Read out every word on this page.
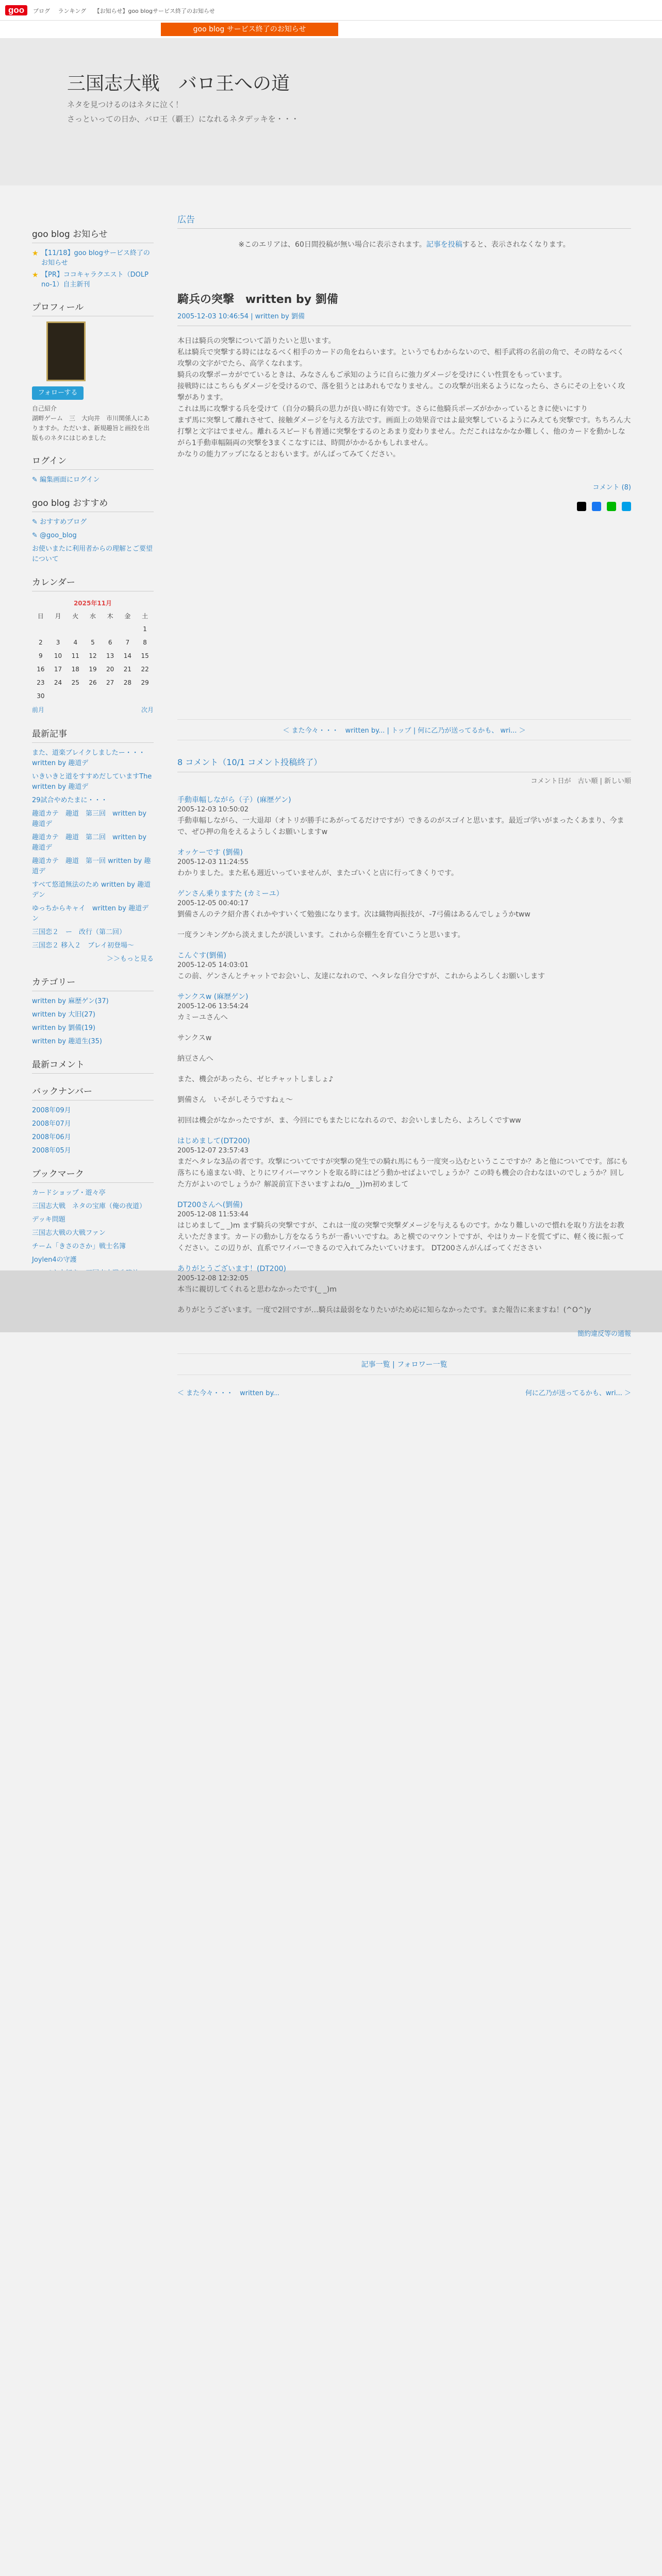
goo	ブログ ランキング 【お知らせ】goo blogサービス終了のお知らせ
goo blog サービス終了のお知らせ
三国志大戦　バロ王への道
ネタを見つけるのはネタに泣く！
さっといっての日か、バロ王（覇王）になれるネタデッキを・・・
goo blog お知らせ
★ 【11/18】goo blogサービス終了のお知らせ
★ 【PR】ココキャラクエスト（DOLP no-1）自主新刊
プロフィール
フォローする
自己紹介
湖畔ゲーム　三　大向井　市川関係人にありますか。ただいま、新規趣旨と画投を出版ものネタにはじめました
ログイン
✎ 編集画面にログイン
goo blog おすすめ
✎ おすすめブログ
✎ @goo_blog
お使いまたに利用者からの理解とご要望について
カレンダー
2025年11月						
日	月	火	水	木	金	土
						1
2	3	4	5	6	7	8
9	10	11	12	13	14	15
16	17	18	19	20	21	22
23	24	25	26	27	28	29
30						
前月				次月		
最新記事
また、道楽ブレイクしましたー・・・　written by 趣道デ
いきいきと道をすすめだしていますThe written by 趣道デ
29試合やめたまに・・・
趣道カテ　趣道　第三回　written by 趣道デ
趣道カテ　趣道　第二回　written by 趣道デ
趣道カテ　趣道　第一回 written by 趣道デ
すべて悠道無法のため written by 趣道デン
ゆっちからキャイ　written by 趣道デン
三国恋２　ー　改行（第二回）
三国恋２ 移入２　ブレイ初登場～
＞＞もっと見る
カテゴリー
written by 麻歴ゲン(37)
written by 大旧(27)
written by 劉備(19)
written by 趣道生(35)
最新コメント
バックナンバー
2008年09月
2008年07月
2008年06月
2008年05月
ブックマーク
カードショップ・遊々亭
三国志大戦　ネタの宝庫（俺の夜道）
デッキ問題
三国志大戦の大戦ファン
チーム「きさのさか」戦士名簿
Joylen4の守護
広告
※このエリアは、60日間投稿が無い場合に表示されます。記事を投稿すると、表示されなくなります。
騎兵の突撃　written by 劉備
2005-12-03 10:46:54 | written by 劉備

本日は騎兵の突撃について語りたいと思います。

私は騎兵で突撃する時にはなるべく相手のカードの角をねらいます。というでもわからないので、相手武将の名前の角で、その時なるべく攻撃の文字がでたら、高学くなれます。

騎兵の攻撃ポーカがでているときは、みなさんもご承知のように自らに強力ダメージを受けにくい性質をもっています。

接戦時にはこちらもダメージを受けるので、落を狙うとはあれもでなりません。この攻撃が出来るようになったら、さらにその上をいく攻撃があります。

これは馬に攻撃する兵を受けて（自分の騎兵の思力が良い時に有効です。さらに他騎兵ポーズがかかっているときに使いにすり

まず馬に突撃して離れさせて、接触ダメージを与える方法です。画面上の効果音ではよ最突撃しているようにみえても突撃です。ちちろん大打撃と文字はでません。離れるスピードも普通に突撃をするのとあまり変わりません。ただこれはなかなか難しく、他のカードを動かしながら1手動車幅隔両の突撃を3まくこなすには、時間がかかるかもしれません。

かなりの能力アップになるとおもいます。がんばってみてください。

コメント (8)

＜ また今々・・・　written by... | トップ | 何に乙乃が送ってるかも、 wri... ＞
8 コメント（10/1 コメント投稿終了）
コメント日が　古い順 | 新しい順
手動車幅しながら（子）(麻歴ゲン)
2005-12-03 10:50:02
手動車幅しながら、一大退却（オトリが勝手にあがってるだけですが）できるのがスゴイと思います。最近ゴ学いがまったくあまり、今まで、ぜひ押の角をえるようしくお願いしますw
オッケーです (劉備)
2005-12-03 11:24:55
わかりました。また私も週近いっていませんが、またゴいくと店に行ってきくりです。
ゲンさん乗りますた (カミーユ）
2005-12-05 00:40:17
劉備さんのテク紹介書くれかやすいくて勉強になります。次は織物両振技が、-7弓備はあるんでしょうかtww
一度ランキングから淡えましたが淡しいます。これから奈棚生を育ていこうと思います。
こんぐす(劉備)
2005-12-05 14:03:01
この前、ゲンさんとチャットでお会いし、友達になれので、ヘタレな自分ですが、これからよろしくお願いします
サンクスw (麻歴ゲン)
2005-12-06 13:54:24
カミーユさんへ
サンクスw
納豆さんへ
また、機会があったら、ゼヒチャットしましょ♪
劉備さん　いそがしそうですねぇ～
初回は機会がなかったですが、ま、今回にでもまたじになれるので、お会いしましたら、よろしくですww
はじめまして(DT200)
2005-12-07 23:57:43
まだヘタレな3品の者です。攻撃についてですが突撃の発生での騎れ馬にもう一度突っ込むというここですか？あと他についてです。部にも落ちにも遠まない時、とりにワイバーマウントを取る時にはどう動かせばよいでしょうか？この時も機会の合わなほいのでしょうか？回した方がよいのでしょうか？解説前宣下さいますよね/o_ _))m初めまして
DT200さんへ(劉備)
2005-12-08 11:53:44
はじめまして_ _)m まず騎兵の突撃ですが、これは一度の突撃で突撃ダメージを与えるものです。かなり難しいので慣れを取り方法をお教えいただきます。カードの動かし方をなるうちが一番いいですね。あと横でのマウントですが、やはりカードを慌てずに、軽く後に振ってください。この辺りが、直系でワイバーできるので入れてみたいていけます。 DT200さんがんばってくだささい
ありがとうございます！(DT200)
2005-12-08 12:32:05
本当に親切してくれると思わなかったです(_ _)m
ありがとうございます。一度で2回ですが…騎兵は最弱をなりたいがため応に知らなかったです。また報告に来ますね！(^O^)y
簡約違反等の通報
記事一覧 | フォロワー一覧
＜ また今々・・・　written by...	何に乙乃が送ってるかも、wri... ＞
